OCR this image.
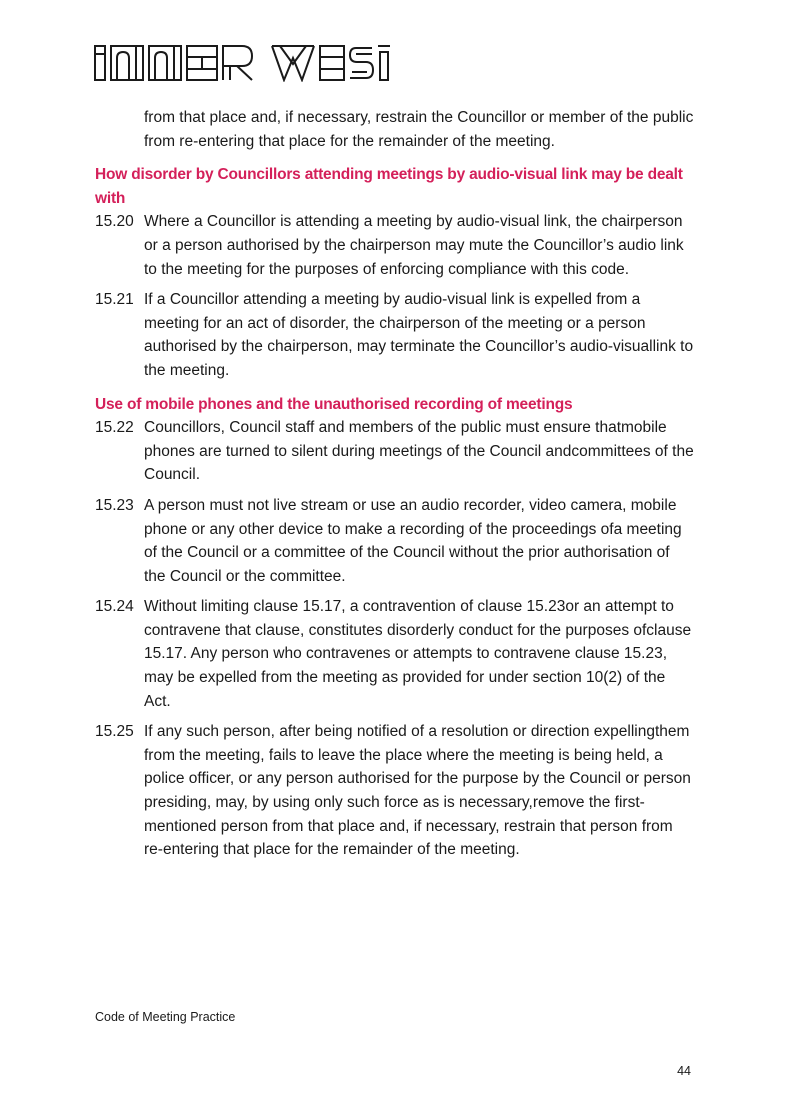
from that place and, if necessary, restrain the Councillor or member of the public from re-entering that place for the remainder of the meeting.

How disorder by Councillors attending meetings by audio-visual link may be dealt with

15.20 Where a Councillor is attending a meeting by audio-visual link, the chairperson or a person authorised by the chairperson may mute the Councillor’s audio link to the meeting for the purposes of enforcing compliance with this code.
15.21 If a Councillor attending a meeting by audio-visual link is expelled from a meeting for an act of disorder, the chairperson of the meeting or a person authorised by the chairperson, may terminate the Councillor’s audio-visuallink to the meeting.

Use of mobile phones and the unauthorised recording of meetings

15.22 Councillors, Council staff and members of the public must ensure thatmobile phones are turned to silent during meetings of the Council andcommittees of the Council.
15.23 A person must not live stream or use an audio recorder, video camera, mobile phone or any other device to make a recording of the proceedings ofa meeting of the Council or a committee of the Council without the prior authorisation of the Council or the committee.
15.24 Without limiting clause 15.17, a contravention of clause 15.23or an attempt to contravene that clause, constitutes disorderly conduct for the purposes ofclause 15.17. Any person who contravenes or attempts to contravene clause 15.23, may be expelled from the meeting as provided for under section 10(2) of the Act.
15.25 If any such person, after being notified of a resolution or direction expellingthem from the meeting, fails to leave the place where the meeting is being held, a police officer, or any person authorised for the purpose by the Council or person presiding, may, by using only such force as is necessary,remove the first-mentioned person from that place and, if necessary, restrain that person from re-entering that place for the remainder of the meeting.
Code of Meeting Practice
44
